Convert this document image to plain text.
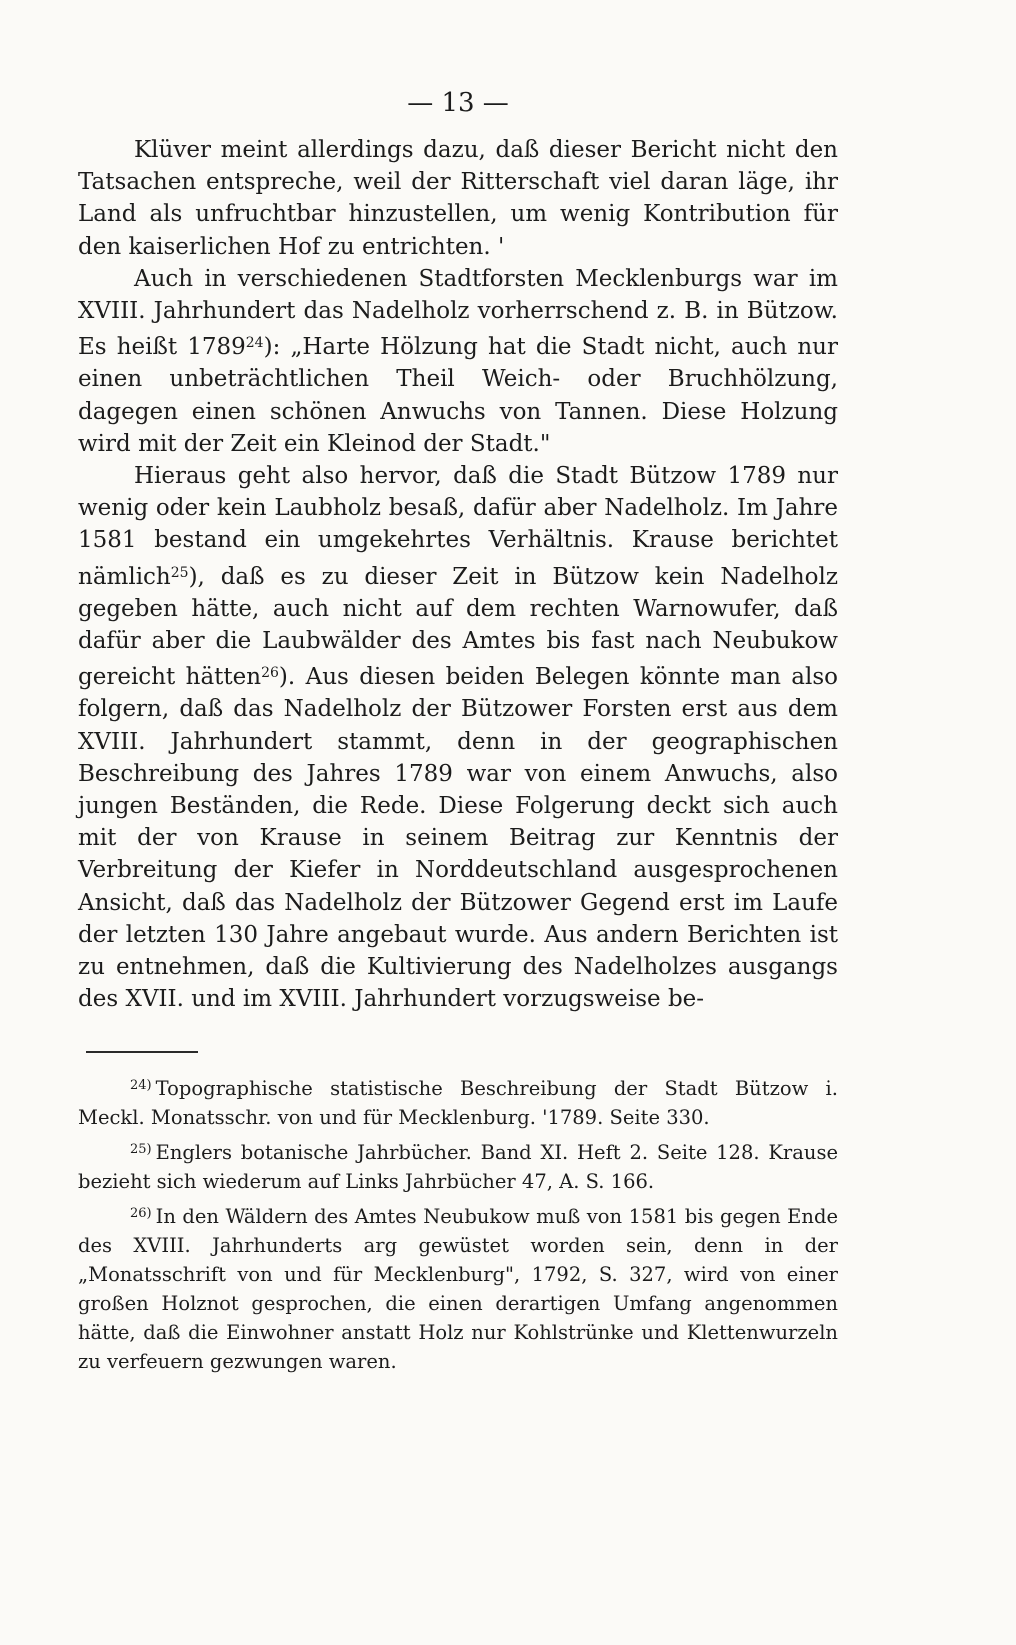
— 13 —

Klüver meint allerdings dazu, daß dieser Bericht nicht den Tatsachen entspreche, weil der Ritterschaft viel daran läge, ihr Land als unfruchtbar hinzustellen, um wenig Kontribution für den kaiserlichen Hof zu entrichten. '

Auch in verschiedenen Stadtforsten Mecklenburgs war im XVIII. Jahrhundert das Nadelholz vorherrschend z. B. in Bützow. Es heißt 1789$^{24}$): „Harte Hölzung hat die Stadt nicht, auch nur einen unbeträchtlichen Theil Weich- oder Bruchhölzung, dagegen einen schönen Anwuchs von Tannen. Diese Holzung wird mit der Zeit ein Kleinod der Stadt."

Hieraus geht also hervor, daß die Stadt Bützow 1789 nur wenig oder kein Laubholz besaß, dafür aber Nadelholz. Im Jahre 1581 bestand ein umgekehrtes Verhältnis. Krause berichtet nämlich$^{25}$), daß es zu dieser Zeit in Bützow kein Nadelholz gegeben hätte, auch nicht auf dem rechten Warnowufer, daß dafür aber die Laubwälder des Amtes bis fast nach Neubukow gereicht hätten$^{26}$). Aus diesen beiden Belegen könnte man also folgern, daß das Nadelholz der Bützower Forsten erst aus dem XVIII. Jahrhundert stammt, denn in der geographischen Beschreibung des Jahres 1789 war von einem Anwuchs, also jungen Beständen, die Rede. Diese Folgerung deckt sich auch mit der von Krause in seinem Beitrag zur Kenntnis der Verbreitung der Kiefer in Norddeutschland ausgesprochenen Ansicht, daß das Nadelholz der Bützower Gegend erst im Laufe der letzten 130 Jahre angebaut wurde. Aus andern Berichten ist zu entnehmen, daß die Kultivierung des Nadelholzes ausgangs des XVII. und im XVIII. Jahrhundert vorzugsweise be-

$^{24)}$ Topographische statistische Beschreibung der Stadt Bützow i. Meckl. Monatsschr. von und für Mecklenburg. '1789. Seite 330.
$^{25)}$ Englers botanische Jahrbücher. Band XI. Heft 2. Seite 128. Krause bezieht sich wiederum auf Links Jahrbücher 47, A. S. 166.
$^{26)}$ In den Wäldern des Amtes Neubukow muß von 1581 bis gegen Ende des XVIII. Jahrhunderts arg gewüstet worden sein, denn in der „Monatsschrift von und für Mecklenburg", 1792, S. 327, wird von einer großen Holznot gesprochen, die einen derartigen Umfang angenommen hätte, daß die Einwohner anstatt Holz nur Kohlstrünke und Klettenwurzeln zu verfeuern gezwungen waren.
